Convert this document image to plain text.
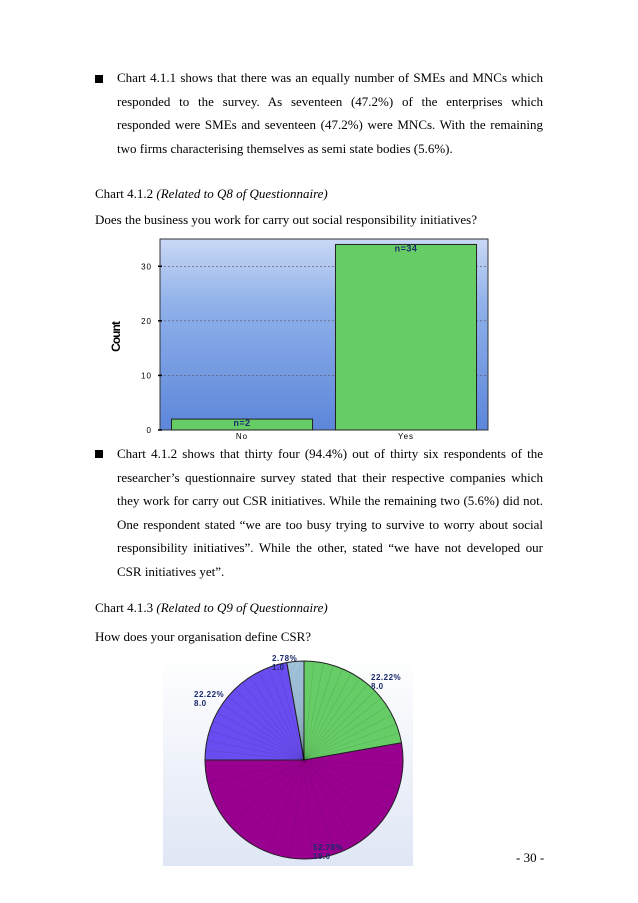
Chart 4.1.1 shows that there was an equally number of SMEs and MNCs which responded to the survey. As seventeen (47.2%) of the enterprises which responded were SMEs and seventeen (47.2%) were MNCs. With the remaining two firms characterising themselves as semi state bodies (5.6%).

Chart 4.1.2 (Related to Q8 of Questionnaire)

Does the business you work for carry out social responsibility initiatives?

0
10
20
30
n=2
n=34
No	Yes
Count

Chart 4.1.2 shows that thirty four (94.4%) out of thirty six respondents of the researcher’s questionnaire survey stated that their respective companies which they work for carry out CSR initiatives. While the remaining two (5.6%) did not. One respondent stated “we are too busy trying to survive to worry about social responsibility initiatives”. While the other, stated “we have not developed our CSR initiatives yet”.

Chart 4.1.3 (Related to Q9 of Questionnaire)

How does your organisation define CSR?

22.22%
8.0
52.78%
19.0
22.22%
8.0
2.78%
1.0
- 30 -
